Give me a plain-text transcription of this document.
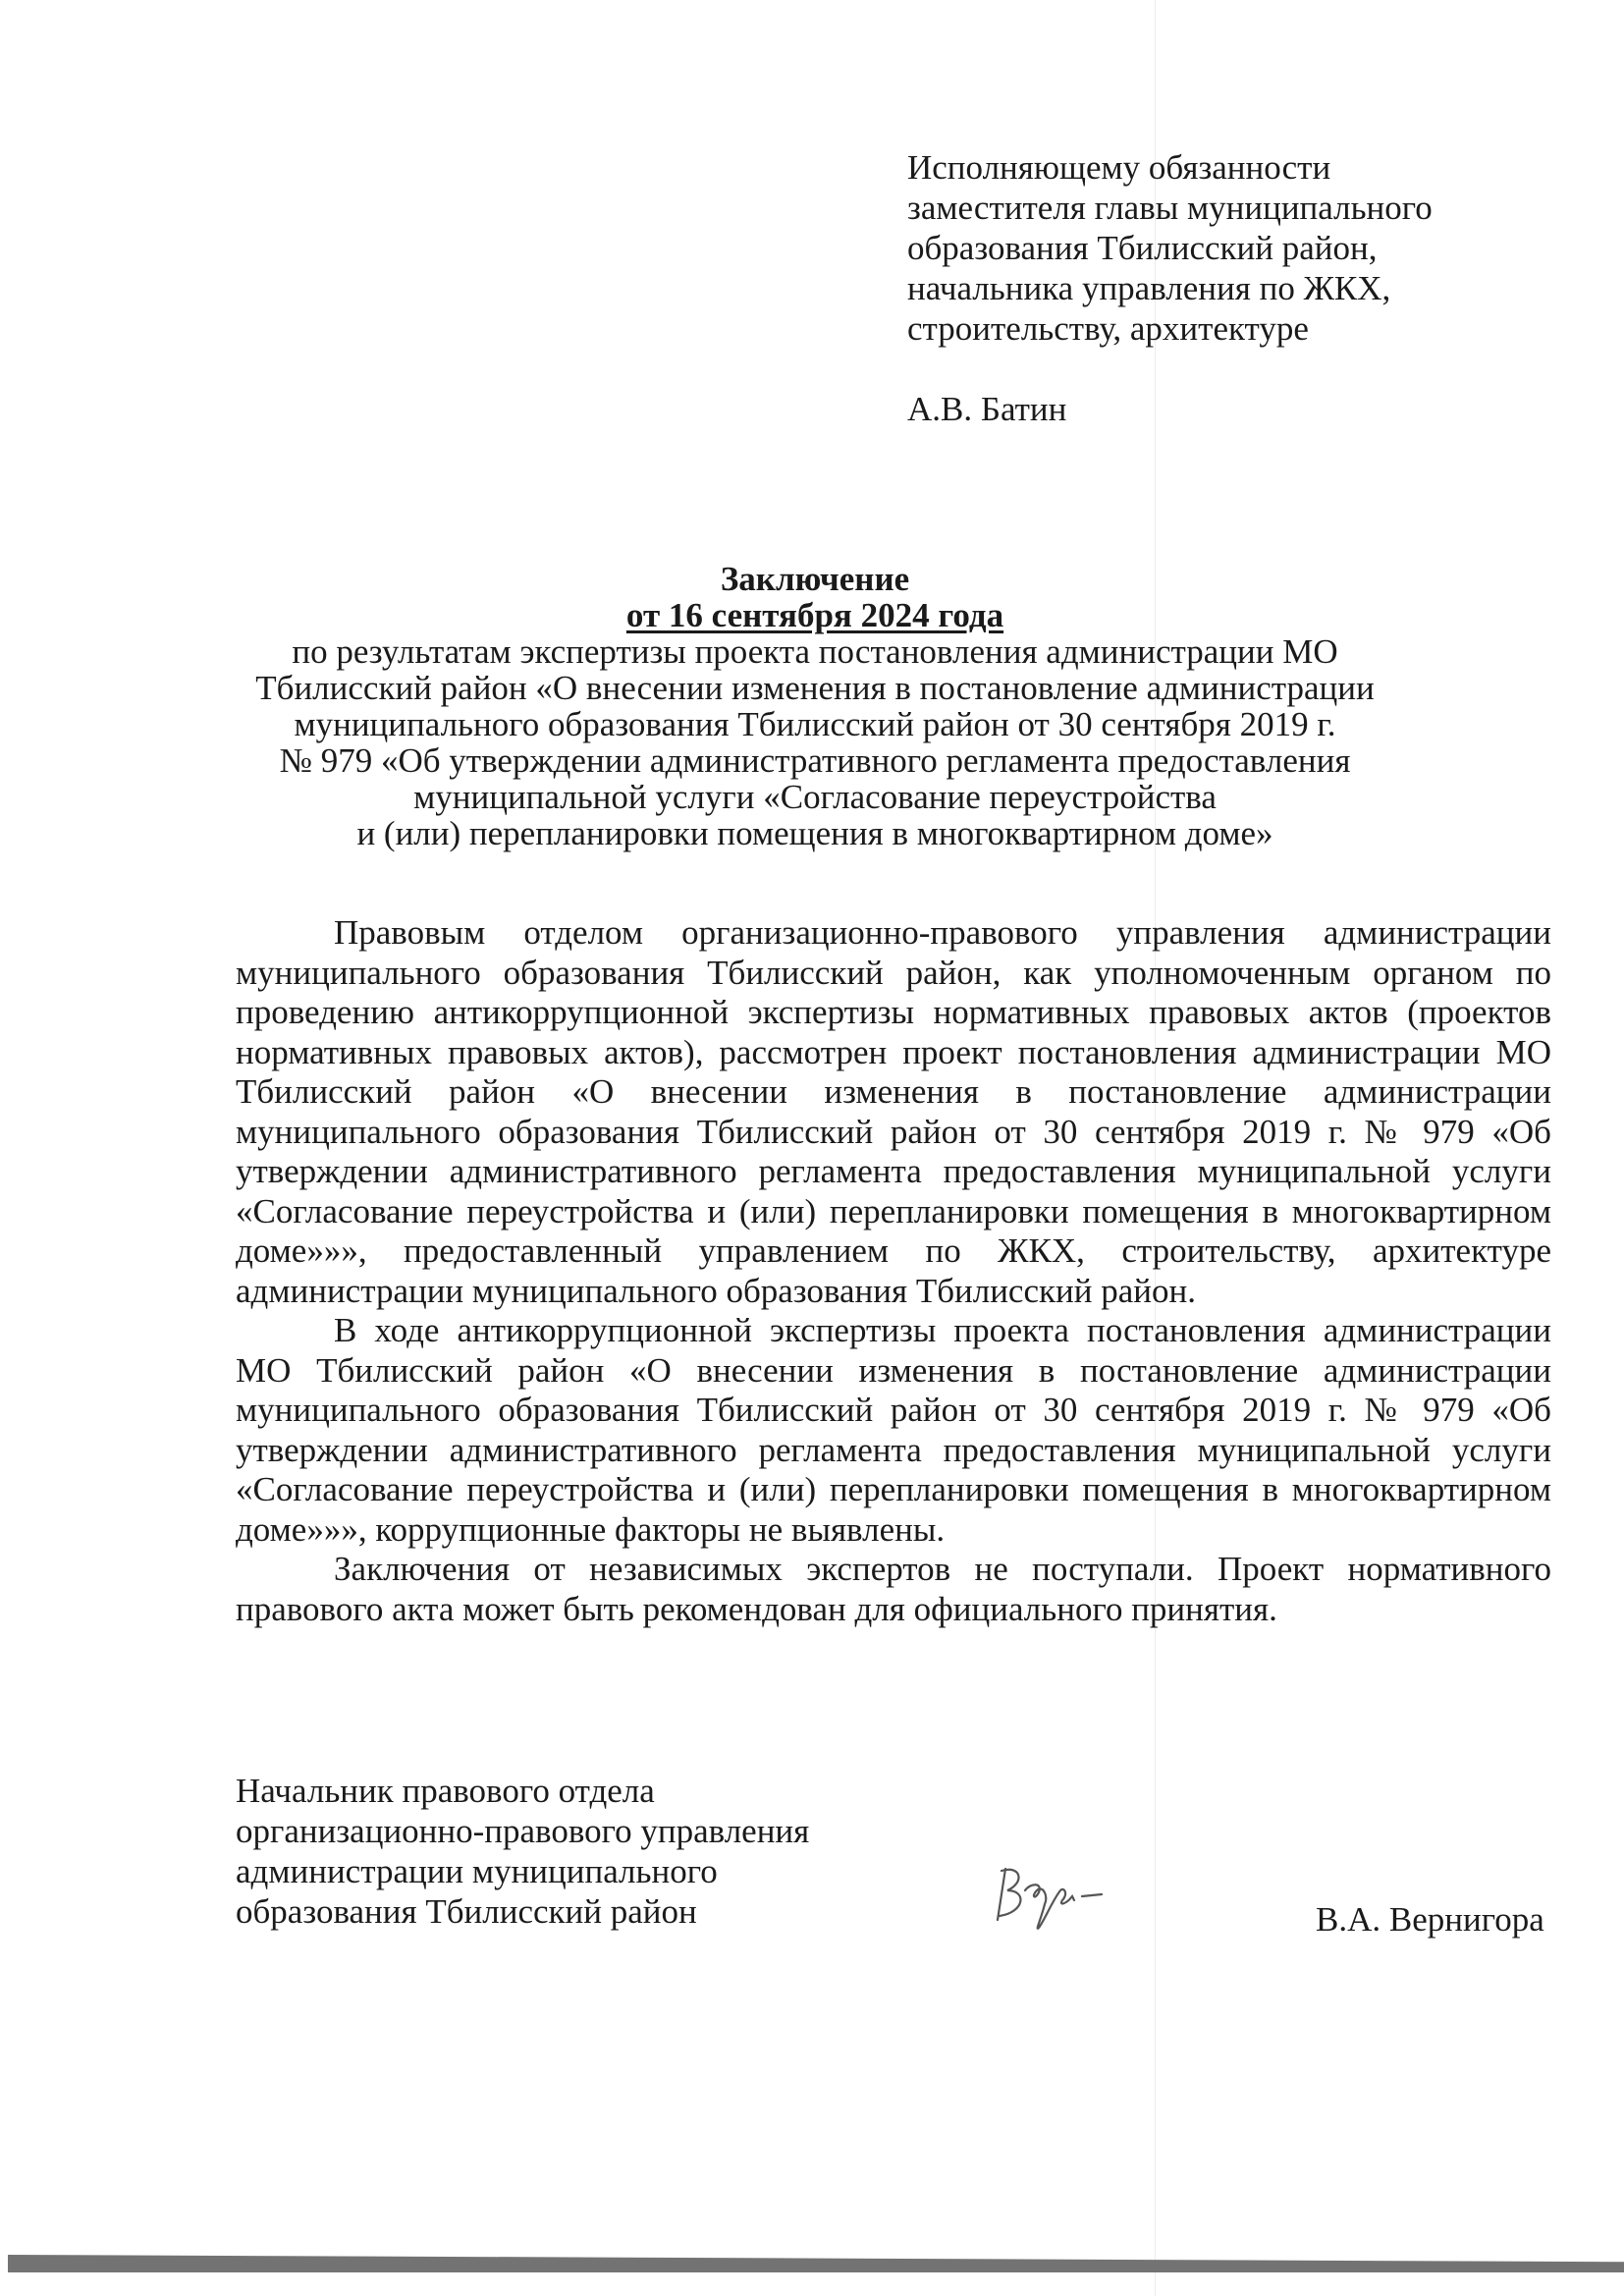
Исполняющему обязанности
заместителя главы муниципального
образования Тбилисский район,
начальника управления по ЖКХ,
строительству, архитектуре
А.В. Батин
Заключение
от 16 сентября 2024 года
по результатам экспертизы проекта постановления администрации МО
Тбилисский район «О внесении изменения в постановление администрации
муниципального образования Тбилисский район от 30 сентября 2019 г.
№ 979 «Об утверждении административного регламента предоставления
муниципальной услуги «Согласование переустройства
и (или) перепланировки помещения в многоквартирном доме»

Правовым отделом организационно-правового управления администрации муниципального образования Тбилисский район, как уполномоченным органом по проведению антикоррупционной экспертизы нормативных правовых актов (проектов нормативных правовых актов), рассмотрен проект постановления администрации МО Тбилисский район «О внесении изменения в постановление администрации муниципального образования Тбилисский район от 30 сентября 2019 г. № 979 «Об утверждении административного регламента предоставления муниципальной услуги «Согласование переустройства и (или) перепланировки помещения в многоквартирном доме»»», предоставленный управлением по ЖКХ, строительству, архитектуре администрации муниципального образования Тбилисский район.

В ходе антикоррупционной экспертизы проекта постановления администрации МО Тбилисский район «О внесении изменения в постановление администрации муниципального образования Тбилисский район от 30 сентября 2019 г. № 979 «Об утверждении административного регламента предоставления муниципальной услуги «Согласование переустройства и (или) перепланировки помещения в многоквартирном доме»»», коррупционные факторы не выявлены.

Заключения от независимых экспертов не поступали. Проект нормативного правового акта может быть рекомендован для официального принятия.

Начальник правового отдела
организационно-правового управления
администрации муниципального
образования Тбилисский район	В.А. Вернигора
